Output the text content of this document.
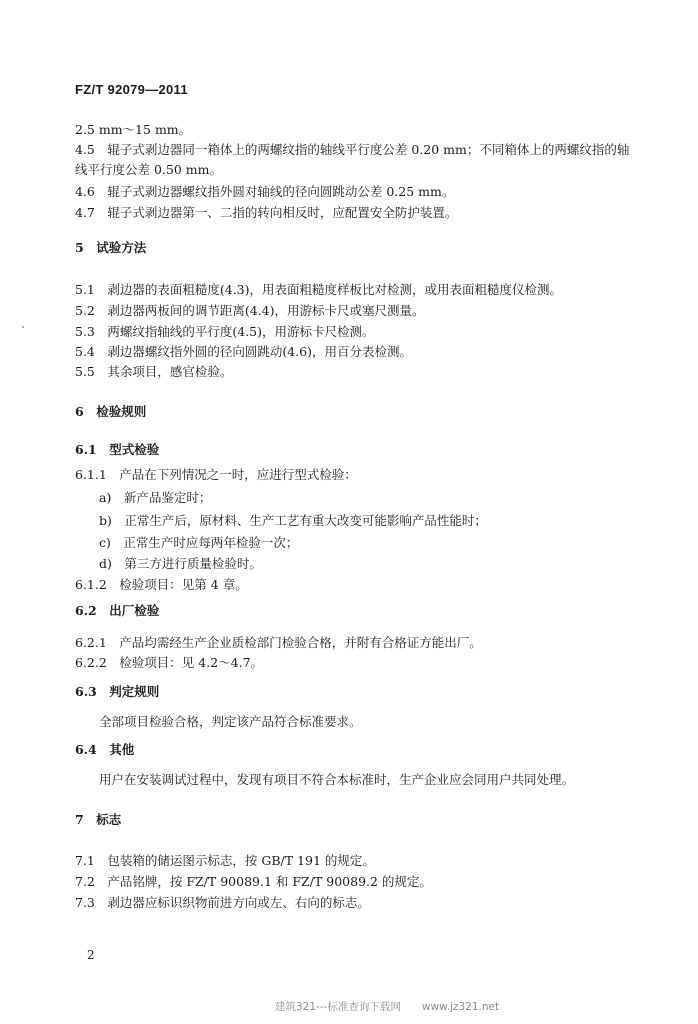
FZ/T 92079—2011
2.5 mm～15 mm。
4.5　辊子式剥边器同一箱体上的两螺纹指的轴线平行度公差 0.20 mm；不同箱体上的两螺纹指的轴
线平行度公差 0.50 mm。
4.6　辊子式剥边器螺纹指外圆对轴线的径向圆跳动公差 0.25 mm。
4.7　辊子式剥边器第一、二指的转向相反时，应配置安全防护装置。
5　试验方法
5.1　剥边器的表面粗糙度(4.3)，用表面粗糙度样板比对检测，或用表面粗糙度仪检测。
5.2　剥边器两板间的调节距离(4.4)，用游标卡尺或塞尺测量。
5.3　两螺纹指轴线的平行度(4.5)，用游标卡尺检测。
5.4　剥边器螺纹指外圆的径向圆跳动(4.6)，用百分表检测。
5.5　其余项目，感官检验。
6　检验规则
6.1　型式检验
6.1.1　产品在下列情况之一时，应进行型式检验：
a)　新产品鉴定时；
b)　正常生产后，原材料、生产工艺有重大改变可能影响产品性能时；
c)　正常生产时应每两年检验一次；
d)　第三方进行质量检验时。
6.1.2　检验项目：见第 4 章。
6.2　出厂检验
6.2.1　产品均需经生产企业质检部门检验合格，并附有合格证方能出厂。
6.2.2　检验项目：见 4.2～4.7。
6.3　判定规则
全部项目检验合格，判定该产品符合标准要求。
6.4　其他
用户在安装调试过程中，发现有项目不符合本标准时，生产企业应会同用户共同处理。
7　标志
7.1　包装箱的储运图示标志，按 GB/T 191 的规定。
7.2　产品铭牌，按 FZ/T 90089.1 和 FZ/T 90089.2 的规定。
7.3　剥边器应标识织物前进方向或左、右向的标志。
2
建筑321---标准查询下载网　　www.jz321.net
